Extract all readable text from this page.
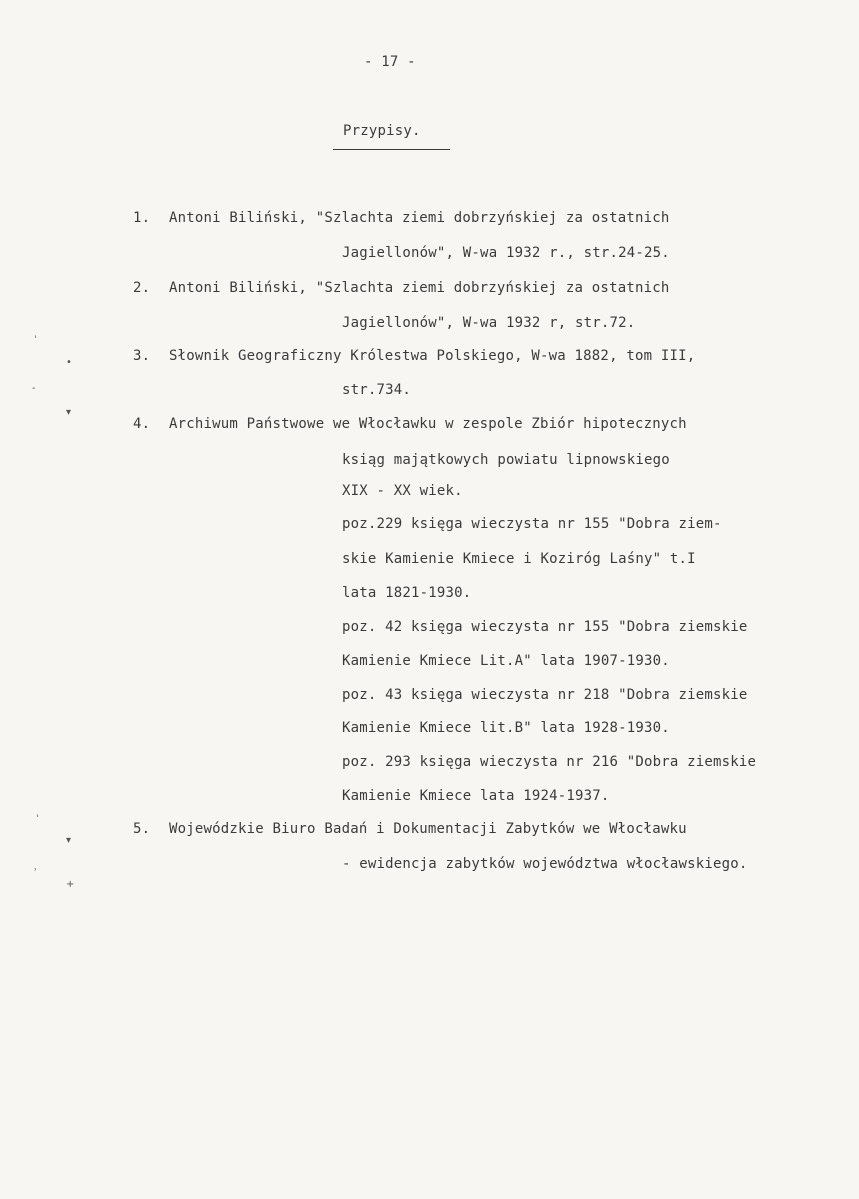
- 17 -
Przypisy.
1. Antoni Biliński, "Szlachta ziemi dobrzyńskiej za ostatnich
Jagiellonów", W-wa 1932 r., str.24-25.
2. Antoni Biliński, "Szlachta ziemi dobrzyńskiej za ostatnich
Jagiellonów", W-wa 1932 r, str.72.
3. Słownik Geograficzny Królestwa Polskiego, W-wa 1882, tom III,
str.734.
4. Archiwum Państwowe we Włocławku w zespole Zbiór hipotecznych
ksiąg majątkowych powiatu lipnowskiego
XIX - XX wiek.
poz.229 księga wieczysta nr 155 "Dobra ziem-
skie Kamienie Kmiece i Koziróg Laśny" t.I
lata 1821-1930.
poz. 42 księga wieczysta nr 155 "Dobra ziemskie
Kamienie Kmiece Lit.A" lata 1907-1930.
poz. 43 księga wieczysta nr 218 "Dobra ziemskie
Kamienie Kmiece lit.B" lata 1928-1930.
poz. 293 księga wieczysta nr 216 "Dobra ziemskie
Kamienie Kmiece lata 1924-1937.
5. Wojewódzkie Biuro Badań i Dokumentacji Zabytków we Włocławku
- ewidencja zabytków województwa włocławskiego.
ˈ
•
-
▾
ˈ
▾
˒
+
